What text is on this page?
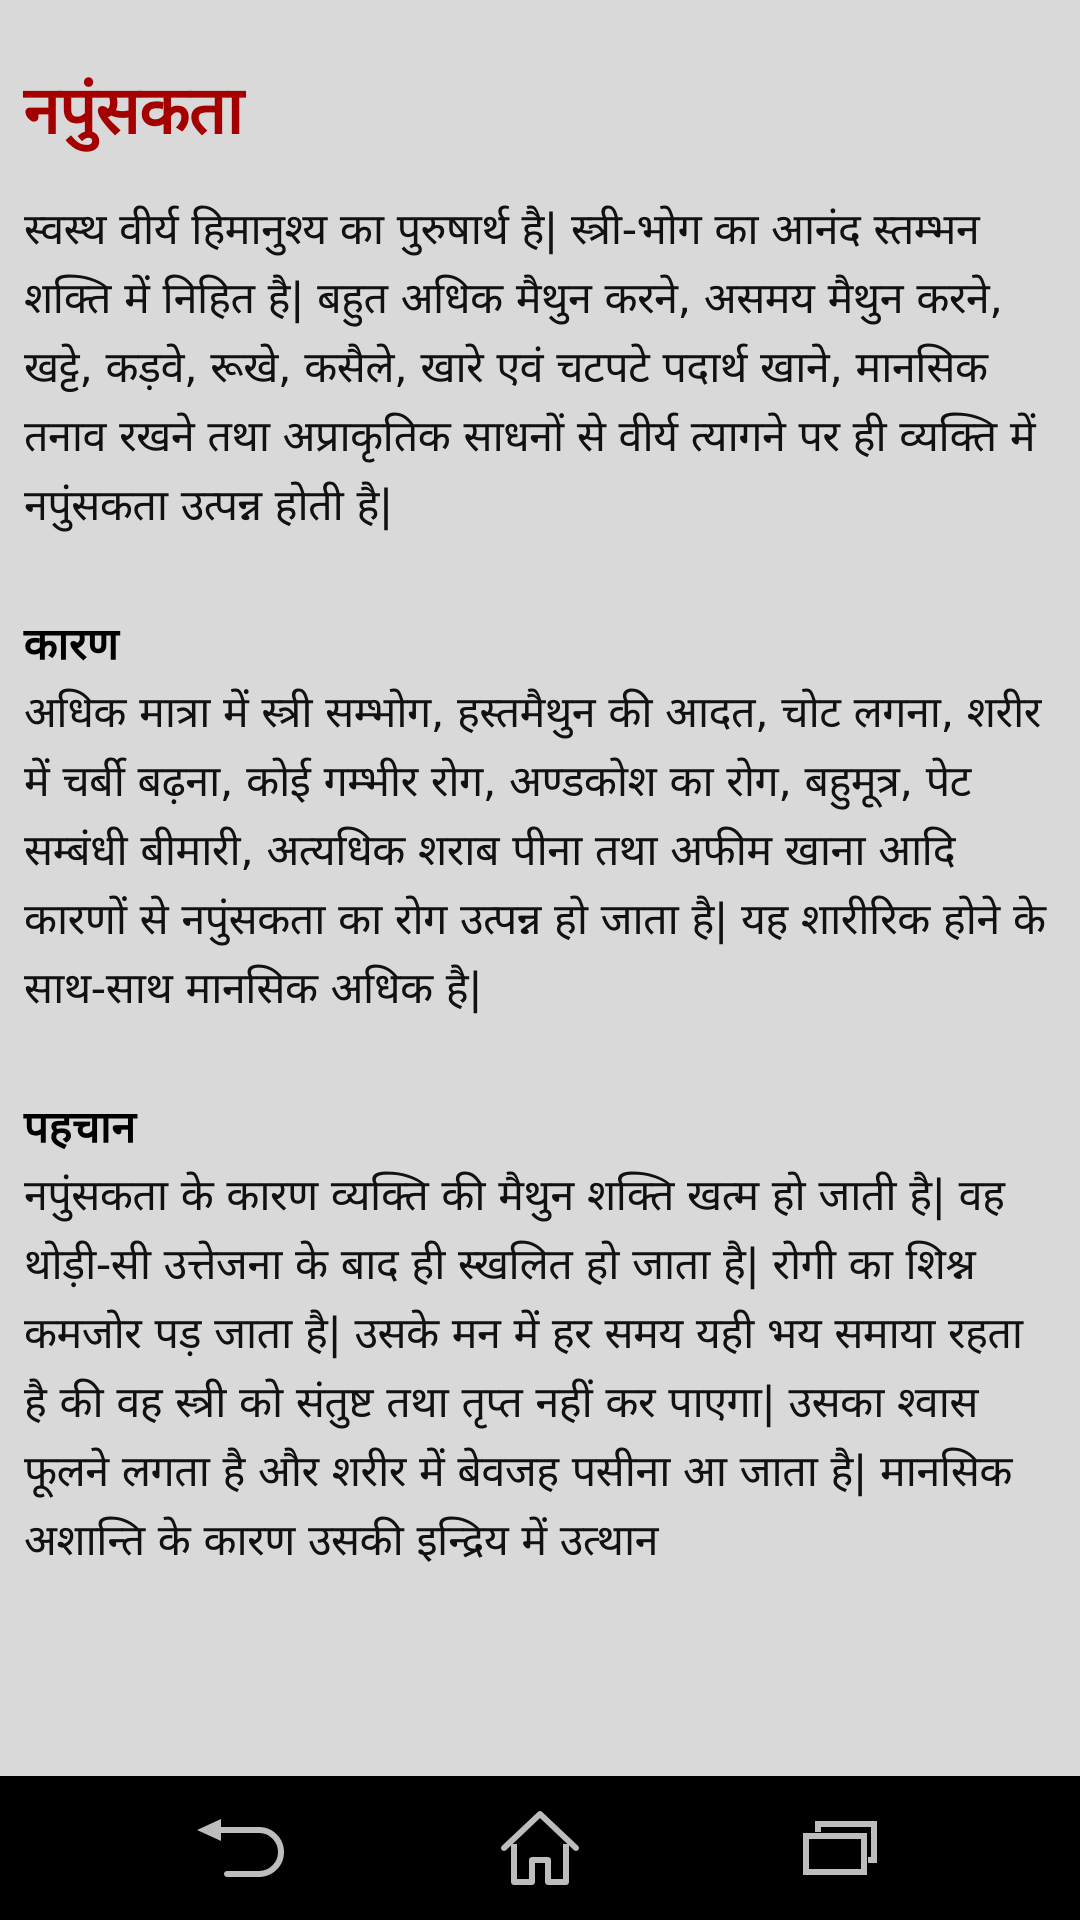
नपुंसकता

स्वस्थ वीर्य हिमानुश्य का पुरुषार्थ है| स्त्री-भोग का आनंद स्तम्भन शक्ति में निहित है| बहुत अधिक मैथुन करने, असमय मैथुन करने, खट्टे, कड़वे, रूखे, कसैले, खारे एवं चटपटे पदार्थ खाने, मानसिक तनाव रखने तथा अप्राकृतिक साधनों से वीर्य त्यागने पर ही व्यक्ति में नपुंसकता उत्पन्न होती है|

कारण

अधिक मात्रा में स्त्री सम्भोग, हस्तमैथुन की आदत, चोट लगना, शरीर में चर्बी बढ़ना, कोई गम्भीर रोग, अण्डकोश का रोग, बहुमूत्र, पेट सम्बंधी बीमारी, अत्यधिक शराब पीना तथा अफीम खाना आदि कारणों से नपुंसकता का रोग उत्पन्न हो जाता है| यह शारीरिक होने के साथ-साथ मानसिक अधिक है|

पहचान

नपुंसकता के कारण व्यक्ति की मैथुन शक्ति खत्म हो जाती है| वह थोड़ी-सी उत्तेजना के बाद ही स्खलित हो जाता है| रोगी का शिश्न कमजोर पड़ जाता है| उसके मन में हर समय यही भय समाया रहता है की वह स्त्री को संतुष्ट तथा तृप्त नहीं कर पाएगा| उसका श्वास फूलने लगता है और शरीर में बेवजह पसीना आ जाता है| मानसिक अशान्ति के कारण उसकी इन्द्रिय में उत्थान
